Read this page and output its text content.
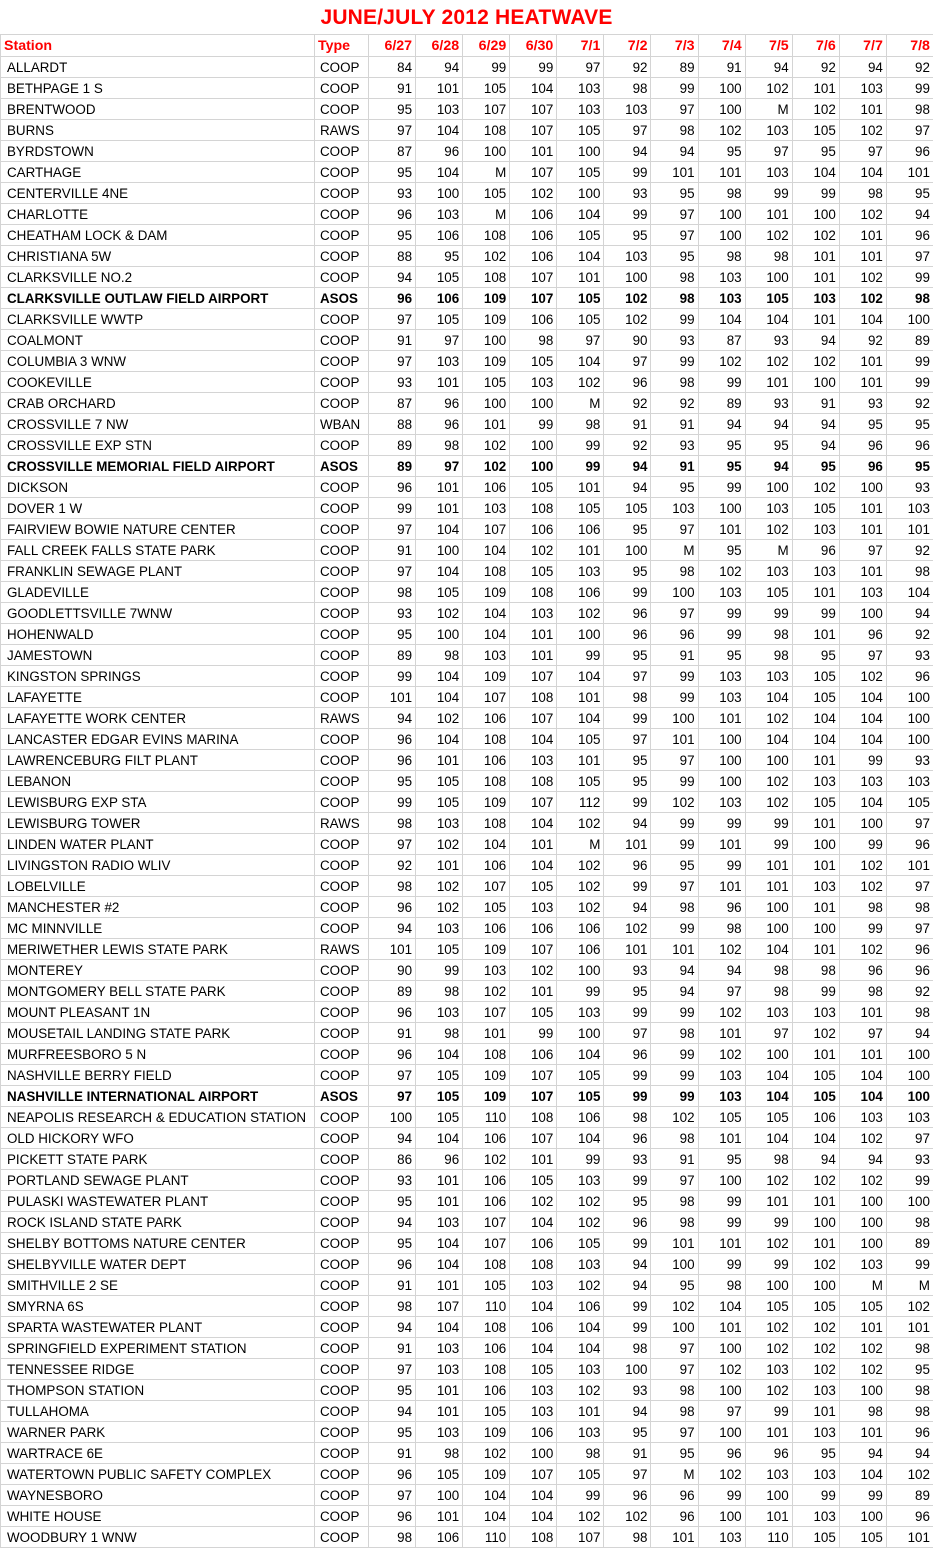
JUNE/JULY 2012 HEATWAVE
Station	Type	6/27	6/28	6/29	6/30	7/1	7/2	7/3	7/4	7/5	7/6	7/7	7/8
ALLARDT	COOP	84	94	99	99	97	92	89	91	94	92	94	92
BETHPAGE 1 S	COOP	91	101	105	104	103	98	99	100	102	101	103	99
BRENTWOOD	COOP	95	103	107	107	103	103	97	100	M	102	101	98
BURNS	RAWS	97	104	108	107	105	97	98	102	103	105	102	97
BYRDSTOWN	COOP	87	96	100	101	100	94	94	95	97	95	97	96
CARTHAGE	COOP	95	104	M	107	105	99	101	101	103	104	104	101
CENTERVILLE 4NE	COOP	93	100	105	102	100	93	95	98	99	99	98	95
CHARLOTTE	COOP	96	103	M	106	104	99	97	100	101	100	102	94
CHEATHAM LOCK & DAM	COOP	95	106	108	106	105	95	97	100	102	102	101	96
CHRISTIANA 5W	COOP	88	95	102	106	104	103	95	98	98	101	101	97
CLARKSVILLE NO.2	COOP	94	105	108	107	101	100	98	103	100	101	102	99
CLARKSVILLE OUTLAW FIELD AIRPORT	ASOS	96	106	109	107	105	102	98	103	105	103	102	98
CLARKSVILLE WWTP	COOP	97	105	109	106	105	102	99	104	104	101	104	100
COALMONT	COOP	91	97	100	98	97	90	93	87	93	94	92	89
COLUMBIA 3 WNW	COOP	97	103	109	105	104	97	99	102	102	102	101	99
COOKEVILLE	COOP	93	101	105	103	102	96	98	99	101	100	101	99
CRAB ORCHARD	COOP	87	96	100	100	M	92	92	89	93	91	93	92
CROSSVILLE 7 NW	WBAN	88	96	101	99	98	91	91	94	94	94	95	95
CROSSVILLE EXP STN	COOP	89	98	102	100	99	92	93	95	95	94	96	96
CROSSVILLE MEMORIAL FIELD AIRPORT	ASOS	89	97	102	100	99	94	91	95	94	95	96	95
DICKSON	COOP	96	101	106	105	101	94	95	99	100	102	100	93
DOVER 1 W	COOP	99	101	103	108	105	105	103	100	103	105	101	103
FAIRVIEW BOWIE NATURE CENTER	COOP	97	104	107	106	106	95	97	101	102	103	101	101
FALL CREEK FALLS STATE PARK	COOP	91	100	104	102	101	100	M	95	M	96	97	92
FRANKLIN SEWAGE PLANT	COOP	97	104	108	105	103	95	98	102	103	103	101	98
GLADEVILLE	COOP	98	105	109	108	106	99	100	103	105	101	103	104
GOODLETTSVILLE 7WNW	COOP	93	102	104	103	102	96	97	99	99	99	100	94
HOHENWALD	COOP	95	100	104	101	100	96	96	99	98	101	96	92
JAMESTOWN	COOP	89	98	103	101	99	95	91	95	98	95	97	93
KINGSTON SPRINGS	COOP	99	104	109	107	104	97	99	103	103	105	102	96
LAFAYETTE	COOP	101	104	107	108	101	98	99	103	104	105	104	100
LAFAYETTE WORK CENTER	RAWS	94	102	106	107	104	99	100	101	102	104	104	100
LANCASTER EDGAR EVINS MARINA	COOP	96	104	108	104	105	97	101	100	104	104	104	100
LAWRENCEBURG FILT PLANT	COOP	96	101	106	103	101	95	97	100	100	101	99	93
LEBANON	COOP	95	105	108	108	105	95	99	100	102	103	103	103
LEWISBURG EXP STA	COOP	99	105	109	107	112	99	102	103	102	105	104	105
LEWISBURG TOWER	RAWS	98	103	108	104	102	94	99	99	99	101	100	97
LINDEN WATER PLANT	COOP	97	102	104	101	M	101	99	101	99	100	99	96
LIVINGSTON RADIO WLIV	COOP	92	101	106	104	102	96	95	99	101	101	102	101
LOBELVILLE	COOP	98	102	107	105	102	99	97	101	101	103	102	97
MANCHESTER #2	COOP	96	102	105	103	102	94	98	96	100	101	98	98
MC MINNVILLE	COOP	94	103	106	106	106	102	99	98	100	100	99	97
MERIWETHER LEWIS STATE PARK	RAWS	101	105	109	107	106	101	101	102	104	101	102	96
MONTEREY	COOP	90	99	103	102	100	93	94	94	98	98	96	96
MONTGOMERY BELL STATE PARK	COOP	89	98	102	101	99	95	94	97	98	99	98	92
MOUNT PLEASANT 1N	COOP	96	103	107	105	103	99	99	102	103	103	101	98
MOUSETAIL LANDING STATE PARK	COOP	91	98	101	99	100	97	98	101	97	102	97	94
MURFREESBORO 5 N	COOP	96	104	108	106	104	96	99	102	100	101	101	100
NASHVILLE BERRY FIELD	COOP	97	105	109	107	105	99	99	103	104	105	104	100
NASHVILLE INTERNATIONAL AIRPORT	ASOS	97	105	109	107	105	99	99	103	104	105	104	100
NEAPOLIS RESEARCH & EDUCATION STATION	COOP	100	105	110	108	106	98	102	105	105	106	103	103
OLD HICKORY WFO	COOP	94	104	106	107	104	96	98	101	104	104	102	97
PICKETT STATE PARK	COOP	86	96	102	101	99	93	91	95	98	94	94	93
PORTLAND SEWAGE PLANT	COOP	93	101	106	105	103	99	97	100	102	102	102	99
PULASKI WASTEWATER PLANT	COOP	95	101	106	102	102	95	98	99	101	101	100	100
ROCK ISLAND STATE PARK	COOP	94	103	107	104	102	96	98	99	99	100	100	98
SHELBY BOTTOMS NATURE CENTER	COOP	95	104	107	106	105	99	101	101	102	101	100	89
SHELBYVILLE WATER DEPT	COOP	96	104	108	108	103	94	100	99	99	102	103	99
SMITHVILLE 2 SE	COOP	91	101	105	103	102	94	95	98	100	100	M	M
SMYRNA 6S	COOP	98	107	110	104	106	99	102	104	105	105	105	102
SPARTA WASTEWATER PLANT	COOP	94	104	108	106	104	99	100	101	102	102	101	101
SPRINGFIELD EXPERIMENT STATION	COOP	91	103	106	104	104	98	97	100	102	102	102	98
TENNESSEE RIDGE	COOP	97	103	108	105	103	100	97	102	103	102	102	95
THOMPSON STATION	COOP	95	101	106	103	102	93	98	100	102	103	100	98
TULLAHOMA	COOP	94	101	105	103	101	94	98	97	99	101	98	98
WARNER PARK	COOP	95	103	109	106	103	95	97	100	101	103	101	96
WARTRACE 6E	COOP	91	98	102	100	98	91	95	96	96	95	94	94
WATERTOWN PUBLIC SAFETY COMPLEX	COOP	96	105	109	107	105	97	M	102	103	103	104	102
WAYNESBORO	COOP	97	100	104	104	99	96	96	99	100	99	99	89
WHITE HOUSE	COOP	96	101	104	104	102	102	96	100	101	103	100	96
WOODBURY 1 WNW	COOP	98	106	110	108	107	98	101	103	110	105	105	101
